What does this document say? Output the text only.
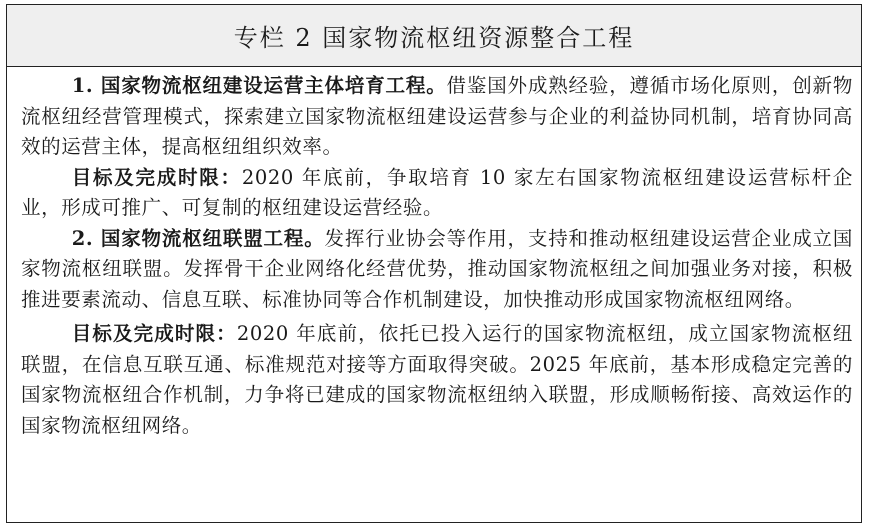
专栏 2 国家物流枢纽资源整合工程

1. 国家物流枢纽建设运营主体培育工程。借鉴国外成熟经验，遵循市场化原则，创新物流枢纽经营管理模式，探索建立国家物流枢纽建设运营参与企业的利益协同机制，培育协同高效的运营主体，提高枢纽组织效率。

目标及完成时限：2020 年底前，争取培育 10 家左右国家物流枢纽建设运营标杆企业，形成可推广、可复制的枢纽建设运营经验。

2. 国家物流枢纽联盟工程。发挥行业协会等作用，支持和推动枢纽建设运营企业成立国家物流枢纽联盟。发挥骨干企业网络化经营优势，推动国家物流枢纽之间加强业务对接，积极推进要素流动、信息互联、标准协同等合作机制建设，加快推动形成国家物流枢纽网络。

目标及完成时限：2020 年底前，依托已投入运行的国家物流枢纽，成立国家物流枢纽联盟，在信息互联互通、标准规范对接等方面取得突破。2025 年底前，基本形成稳定完善的国家物流枢纽合作机制，力争将已建成的国家物流枢纽纳入联盟，形成顺畅衔接、高效运作的国家物流枢纽网络。
